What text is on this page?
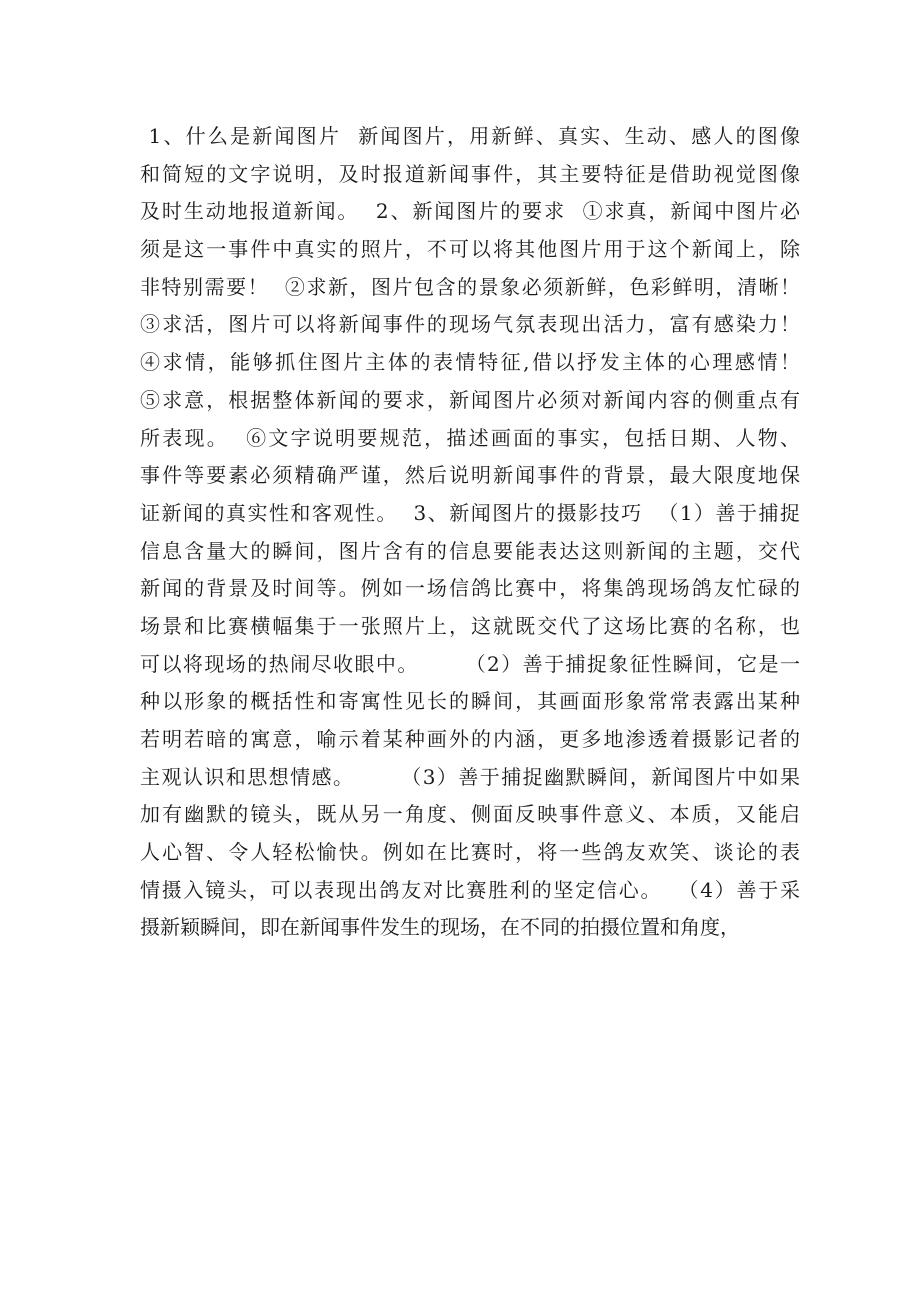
1、什么是新闻图片  新闻图片，用新鲜、真实、生动、感人的图像
和简短的文字说明，及时报道新闻事件，其主要特征是借助视觉图像
及时生动地报道新闻。  2、新闻图片的要求  ①求真，新闻中图片必
须是这一事件中真实的照片，不可以将其他图片用于这个新闻上，除
非特别需要！  ②求新，图片包含的景象必须新鲜，色彩鲜明，清晰！
③求活，图片可以将新闻事件的现场气氛表现出活力，富有感染力！
④求情，能够抓住图片主体的表情特征,借以抒发主体的心理感情！
⑤求意，根据整体新闻的要求，新闻图片必须对新闻内容的侧重点有
所表现。  ⑥文字说明要规范，描述画面的事实，包括日期、人物、
事件等要素必须精确严谨，然后说明新闻事件的背景，最大限度地保
证新闻的真实性和客观性。  3、新闻图片的摄影技巧  （1）善于捕捉
信息含量大的瞬间，图片含有的信息要能表达这则新闻的主题，交代
新闻的背景及时间等。例如一场信鸽比赛中，将集鸽现场鸽友忙碌的
场景和比赛横幅集于一张照片上，这就既交代了这场比赛的名称，也
可以将现场的热闹尽收眼中。      （2）善于捕捉象征性瞬间，它是一
种以形象的概括性和寄寓性见长的瞬间，其画面形象常常表露出某种
若明若暗的寓意，喻示着某种画外的内涵，更多地渗透着摄影记者的
主观认识和思想情感。      （3）善于捕捉幽默瞬间，新闻图片中如果
加有幽默的镜头，既从另一角度、侧面反映事件意义、本质，又能启
人心智、令人轻松愉快。例如在比赛时，将一些鸽友欢笑、谈论的表
情摄入镜头，可以表现出鸽友对比赛胜利的坚定信心。  （4）善于采
摄新颖瞬间，即在新闻事件发生的现场，在不同的拍摄位置和角度，
